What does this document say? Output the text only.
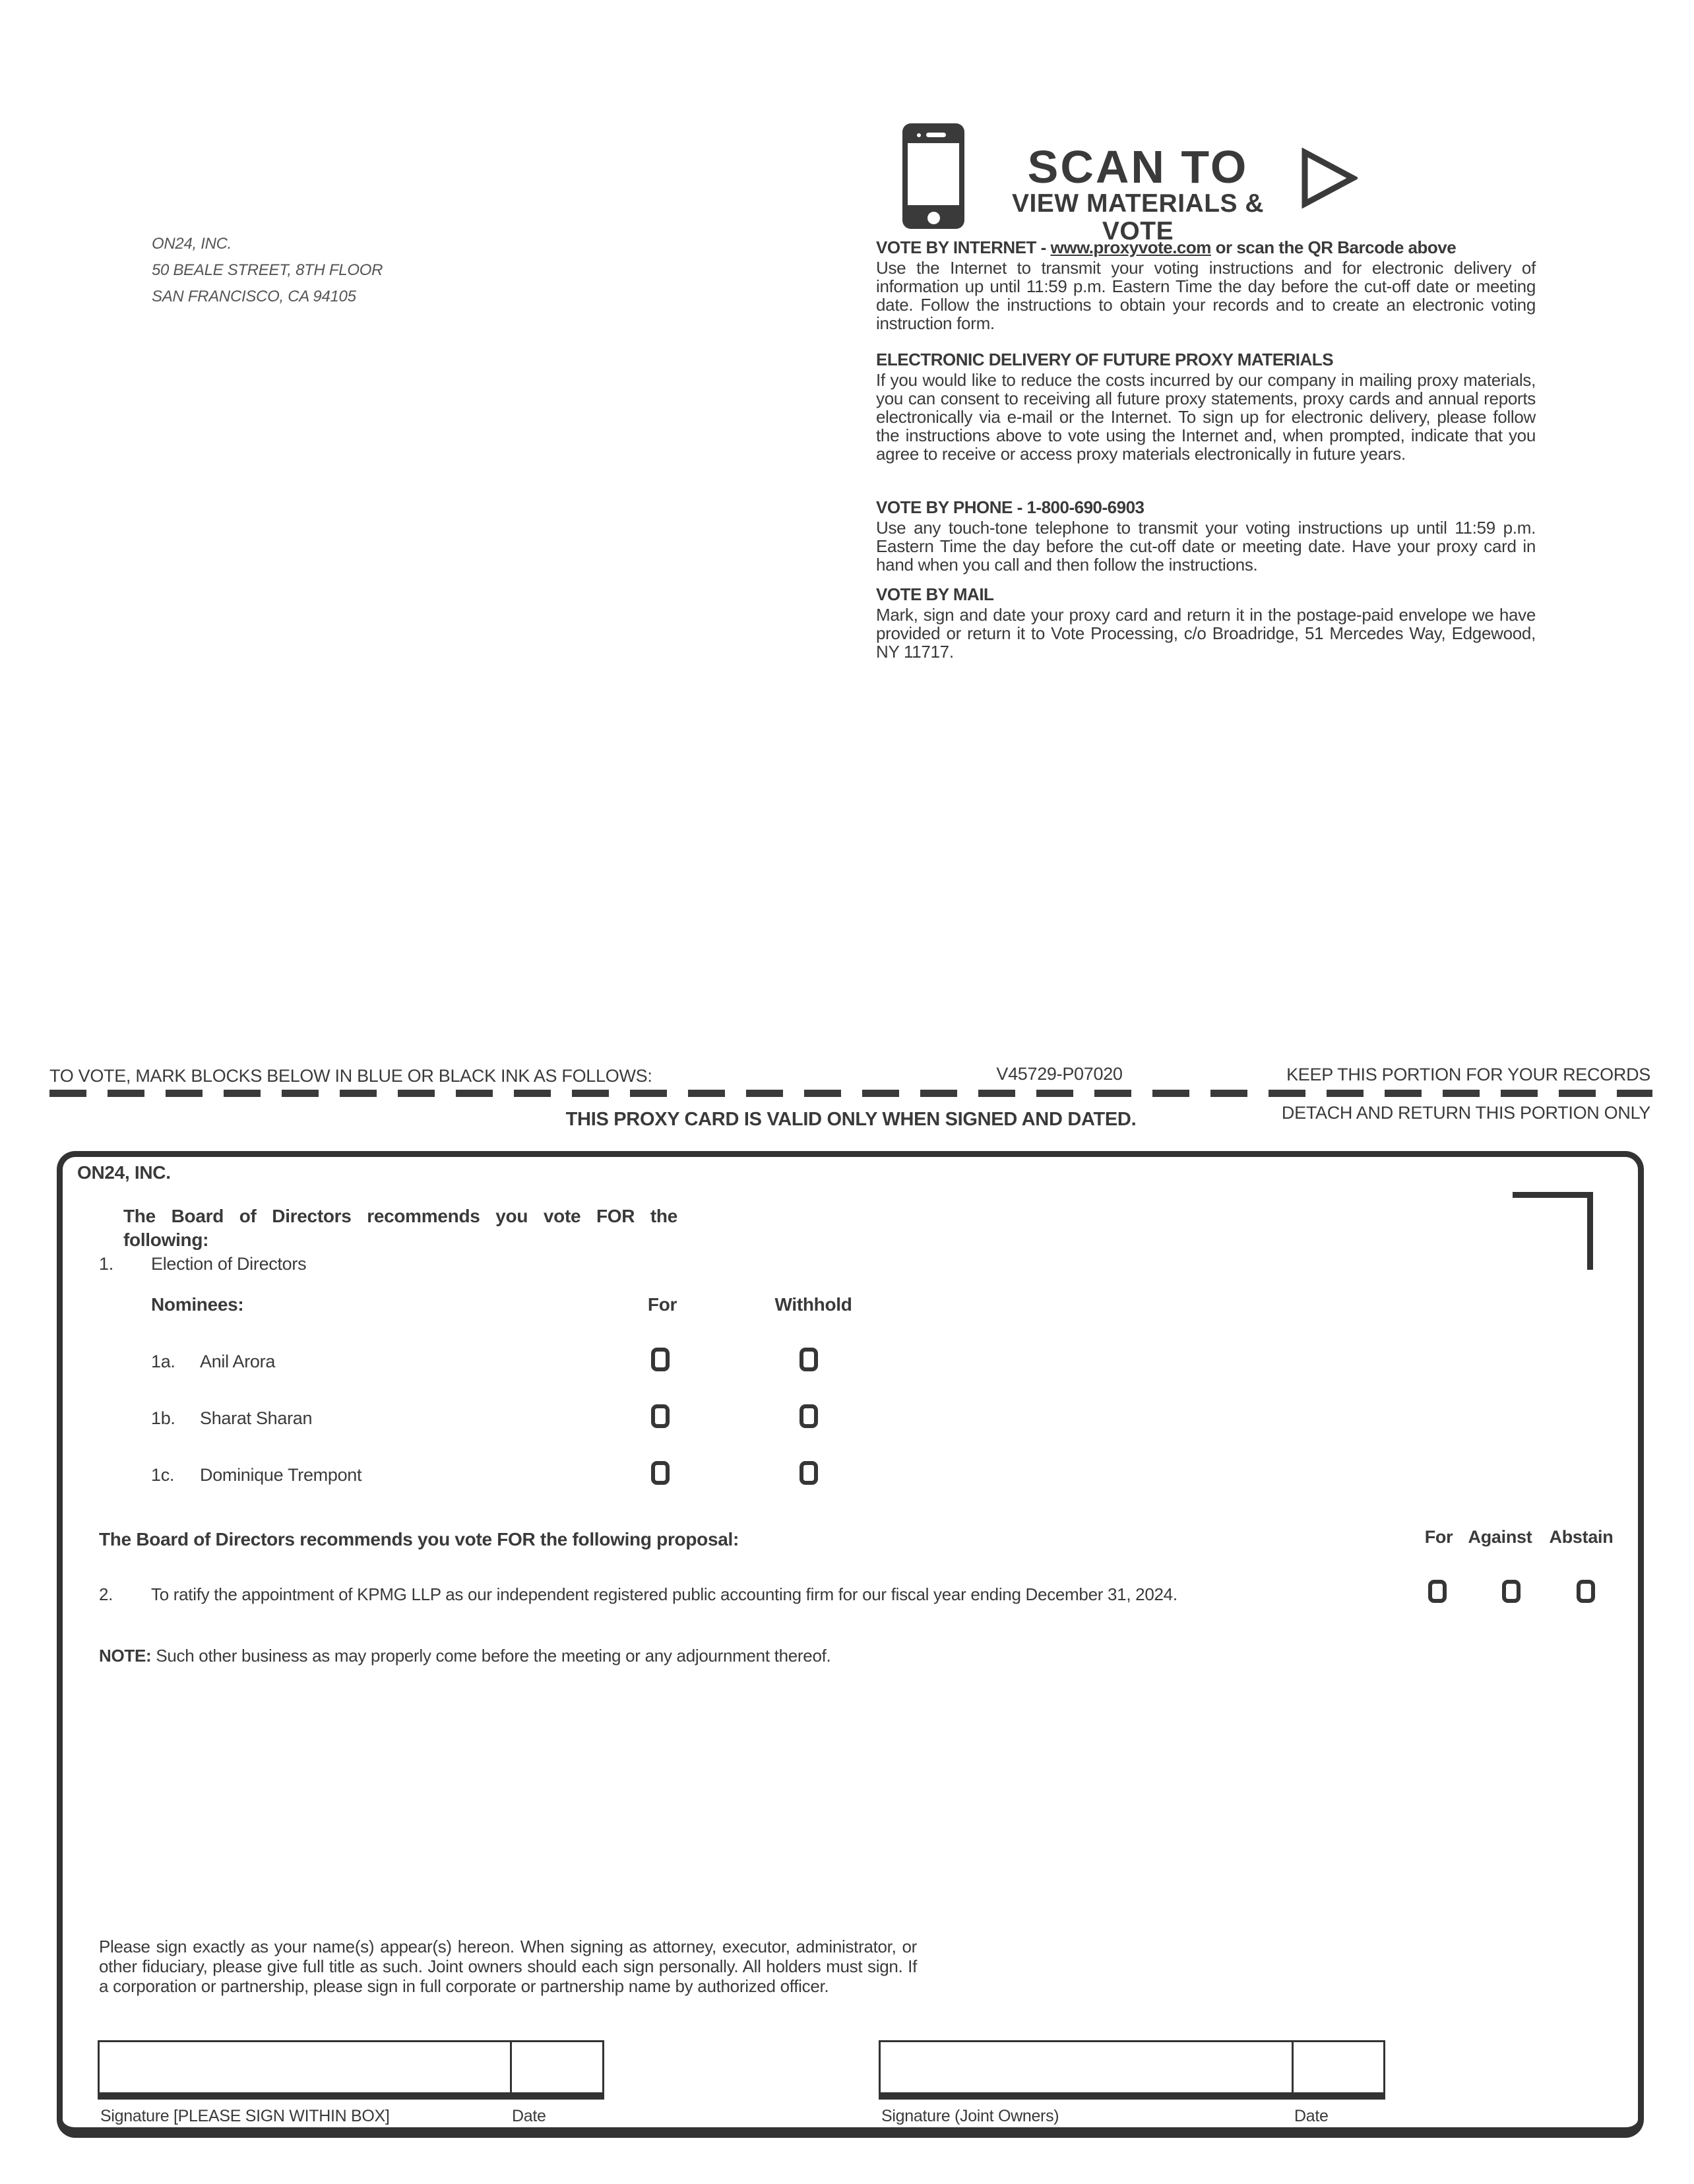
ON24, INC.
50 BEALE STREET, 8TH FLOOR
SAN FRANCISCO, CA 94105
SCAN TO
VIEW MATERIALS & VOTE
VOTE BY INTERNET - www.proxyvote.com or scan the QR Barcode above

Use the Internet to transmit your voting instructions and for electronic delivery of information up until 11:59 p.m. Eastern Time the day before the cut-off date or meeting date. Follow the instructions to obtain your records and to create an electronic voting instruction form.

ELECTRONIC DELIVERY OF FUTURE PROXY MATERIALS

If you would like to reduce the costs incurred by our company in mailing proxy materials, you can consent to receiving all future proxy statements, proxy cards and annual reports electronically via e-mail or the Internet. To sign up for electronic delivery, please follow the instructions above to vote using the Internet and, when prompted, indicate that you agree to receive or access proxy materials electronically in future years.

VOTE BY PHONE - 1-800-690-6903

Use any touch-tone telephone to transmit your voting instructions up until 11:59 p.m. Eastern Time the day before the cut-off date or meeting date. Have your proxy card in hand when you call and then follow the instructions.

VOTE BY MAIL

Mark, sign and date your proxy card and return it in the postage-paid envelope we have provided or return it to Vote Processing, c/o Broadridge, 51 Mercedes Way, Edgewood, NY 11717.

TO VOTE, MARK BLOCKS BELOW IN BLUE OR BLACK INK AS FOLLOWS:	V45729-P07020	KEEP THIS PORTION FOR YOUR RECORDS
THIS PROXY CARD IS VALID ONLY WHEN SIGNED AND DATED.	DETACH AND RETURN THIS PORTION ONLY
ON24, INC.
The Board of Directors recommends you vote FOR the following:
1. Election of Directors
Nominees:	For	Withhold
1a. Anil Arora
1b. Sharat Sharan
1c. Dominique Trempont
The Board of Directors recommends you vote FOR the following proposal:	For Against Abstain
2. To ratify the appointment of KPMG LLP as our independent registered public accounting firm for our fiscal year ending December 31, 2024.
NOTE: Such other business as may properly come before the meeting or any adjournment thereof.
Please sign exactly as your name(s) appear(s) hereon. When signing as attorney, executor, administrator, or other fiduciary, please give full title as such. Joint owners should each sign personally. All holders must sign. If a corporation or partnership, please sign in full corporate or partnership name by authorized officer.
Signature [PLEASE SIGN WITHIN BOX]	Date	Signature (Joint Owners)	Date
